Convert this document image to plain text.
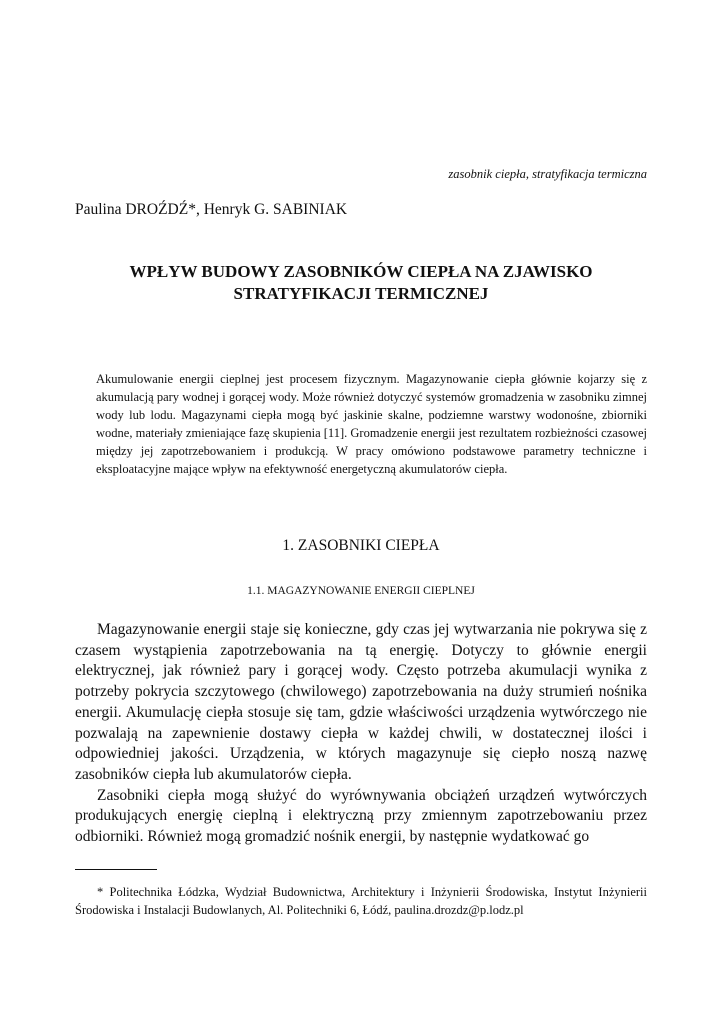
zasobnik ciepła, stratyfikacja termiczna
Paulina DROŹDŹ*, Henryk G. SABINIAK
WPŁYW BUDOWY ZASOBNIKÓW CIEPŁA NA ZJAWISKO
STRATYFIKACJI TERMICZNEJ

Akumulowanie energii cieplnej jest procesem fizycznym. Magazynowanie ciepła głównie kojarzy się z akumulacją pary wodnej i gorącej wody. Może również dotyczyć systemów gromadzenia w zasobniku zimnej wody lub lodu. Magazynami ciepła mogą być jaskinie skalne, podziemne warstwy wodonośne, zbiorniki wodne, materiały zmieniające fazę skupienia [11]. Gromadzenie energii jest rezultatem rozbieżności czasowej między jej zapotrzebowaniem i produkcją. W pracy omówiono podstawowe parametry techniczne i eksploatacyjne mające wpływ na efektywność energetyczną akumulatorów ciepła.

1. ZASOBNIKI CIEPŁA
1.1. MAGAZYNOWANIE ENERGII CIEPLNEJ

Magazynowanie energii staje się konieczne, gdy czas jej wytwarzania nie pokrywa się z czasem wystąpienia zapotrzebowania na tą energię. Dotyczy to głównie energii elektrycznej, jak również pary i gorącej wody. Często potrzeba akumulacji wynika z potrzeby pokrycia szczytowego (chwilowego) zapotrzebowania na duży strumień nośnika energii. Akumulację ciepła stosuje się tam, gdzie właściwości urządzenia wytwórczego nie pozwalają na zapewnienie dostawy ciepła w każdej chwili, w dostatecznej ilości i odpowiedniej jakości. Urządzenia, w których magazynuje się ciepło noszą nazwę zasobników ciepła lub akumulatorów ciepła.

Zasobniki ciepła mogą służyć do wyrównywania obciążeń urządzeń wytwórczych produkujących energię cieplną i elektryczną przy zmiennym zapotrzebowaniu przez odbiorniki. Również mogą gromadzić nośnik energii, by następnie wydatkować go

* Politechnika Łódzka, Wydział Budownictwa, Architektury i Inżynierii Środowiska, Instytut Inżynierii Środowiska i Instalacji Budowlanych, Al. Politechniki 6, Łódź, paulina.drozdz@p.lodz.pl
